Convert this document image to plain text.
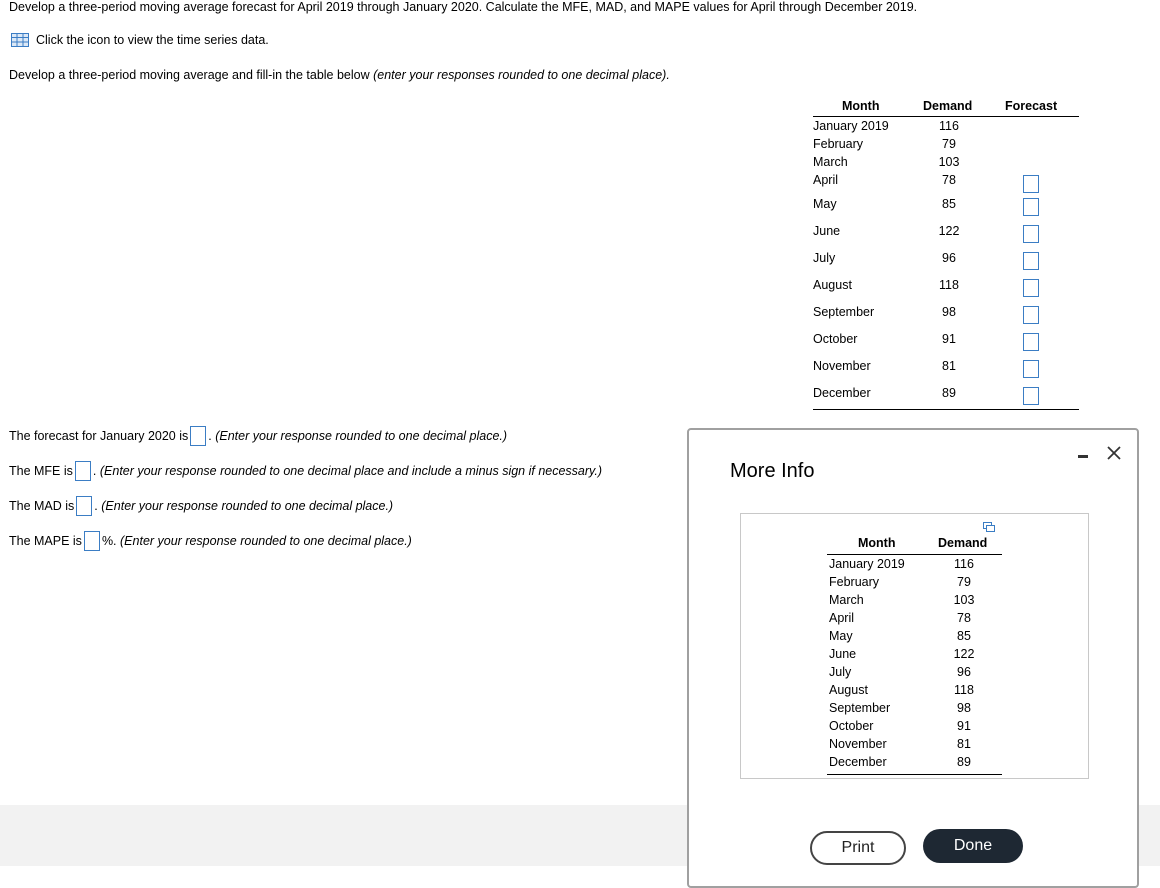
Develop a three-period moving average forecast for April 2019 through January 2020. Calculate the MFE, MAD, and MAPE values for April through December 2019.
Click the icon to view the time series data.
Develop a three-period moving average and fill-in the table below (enter your responses rounded to one decimal place).
Month	Demand	Forecast
January 2019	116
February	79
March	103
April	78
May	85
June	122
July	96
August	118
September	98
October	91
November	81
December	89
The forecast for January 2020 is .
(Enter your response rounded to one decimal place.)
The MFE is .
(Enter your response rounded to one decimal place and include a minus sign if necessary.)
The MAD is .
(Enter your response rounded to one decimal place.)
The MAPE is %.
(Enter your response rounded to one decimal place.)
More Info
Month	Demand
January 2019	116
February	79
March	103
April	78
May	85
June	122
July	96
August	118
September	98
October	91
November	81
December	89
Print	Done
